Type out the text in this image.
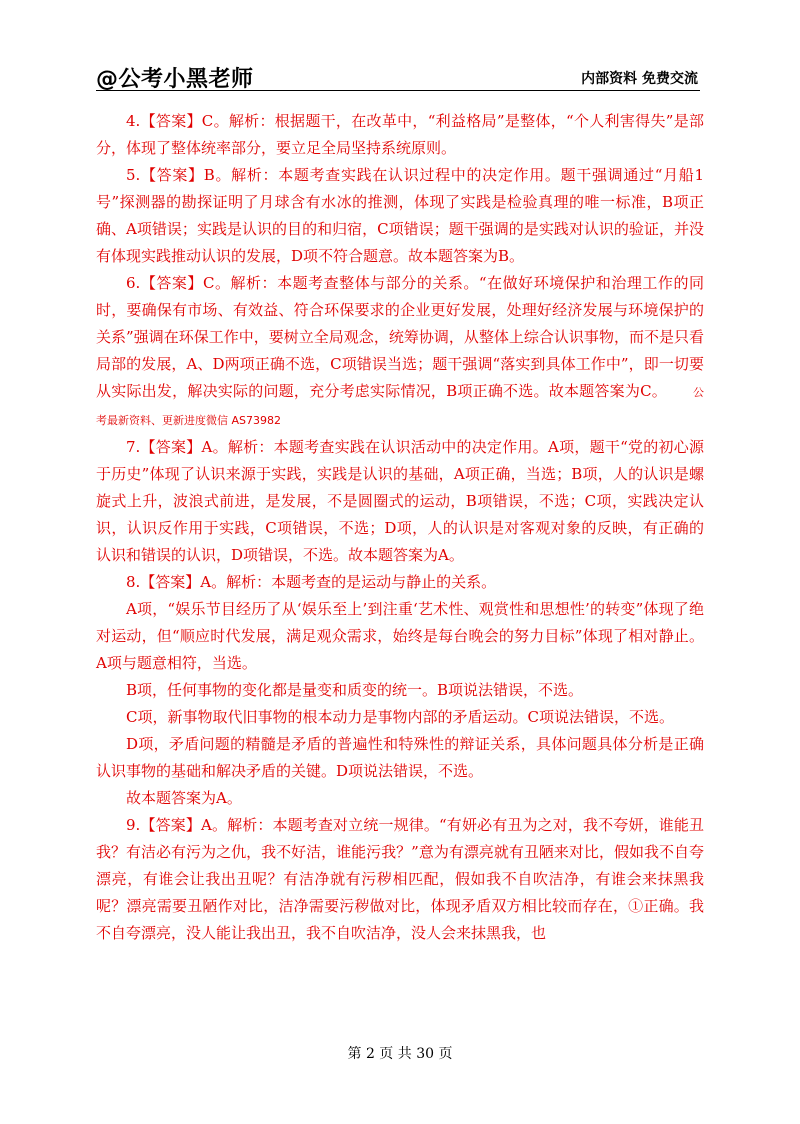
@公考小黑老师	内部资料 免费交流

4.【答案】C。解析：根据题干，在改革中，“利益格局”是整体，“个人利害得失”是部分，体现了整体统率部分，要立足全局坚持系统原则。

5.【答案】B。解析：本题考查实践在认识过程中的决定作用。题干强调通过“月船1号”探测器的勘探证明了月球含有水冰的推测，体现了实践是检验真理的唯一标准，B项正确、A项错误；实践是认识的目的和归宿，C项错误；题干强调的是实践对认识的验证，并没有体现实践推动认识的发展，D项不符合题意。故本题答案为B。

6.【答案】C。解析：本题考查整体与部分的关系。“在做好环境保护和治理工作的同时，要确保有市场、有效益、符合环保要求的企业更好发展，处理好经济发展与环境保护的关系”强调在环保工作中，要树立全局观念，统筹协调，从整体上综合认识事物，而不是只看局部的发展，A、D两项正确不选，C项错误当选；题干强调“落实到具体工作中”，即一切要从实际出发，解决实际的问题，充分考虑实际情况，B项正确不选。故本题答案为C。 公考最新资料、更新进度微信 AS73982

7.【答案】A。解析：本题考查实践在认识活动中的决定作用。A项，题干“党的初心源于历史”体现了认识来源于实践，实践是认识的基础，A项正确，当选；B项，人的认识是螺旋式上升，波浪式前进，是发展，不是圆圈式的运动，B项错误，不选；C项，实践决定认识，认识反作用于实践，C项错误，不选；D项，人的认识是对客观对象的反映，有正确的认识和错误的认识，D项错误，不选。故本题答案为A。

8.【答案】A。解析：本题考查的是运动与静止的关系。

A项，“娱乐节目经历了从‘娱乐至上’到注重‘艺术性、观赏性和思想性’的转变”体现了绝对运动，但“顺应时代发展，满足观众需求，始终是每台晚会的努力目标”体现了相对静止。A项与题意相符，当选。

B项，任何事物的变化都是量变和质变的统一。B项说法错误，不选。

C项，新事物取代旧事物的根本动力是事物内部的矛盾运动。C项说法错误，不选。

D项，矛盾问题的精髓是矛盾的普遍性和特殊性的辩证关系，具体问题具体分析是正确认识事物的基础和解决矛盾的关键。D项说法错误，不选。

故本题答案为A。

9.【答案】A。解析：本题考查对立统一规律。“有妍必有丑为之对，我不夸妍，谁能丑我？有洁必有污为之仇，我不好洁，谁能污我？”意为有漂亮就有丑陋来对比，假如我不自夸漂亮，有谁会让我出丑呢？有洁净就有污秽相匹配，假如我不自吹洁净，有谁会来抹黑我呢？漂亮需要丑陋作对比，洁净需要污秽做对比，体现矛盾双方相比较而存在，①正确。我不自夸漂亮，没人能让我出丑，我不自吹洁净，没人会来抹黑我，也

第 2 页 共 30 页
